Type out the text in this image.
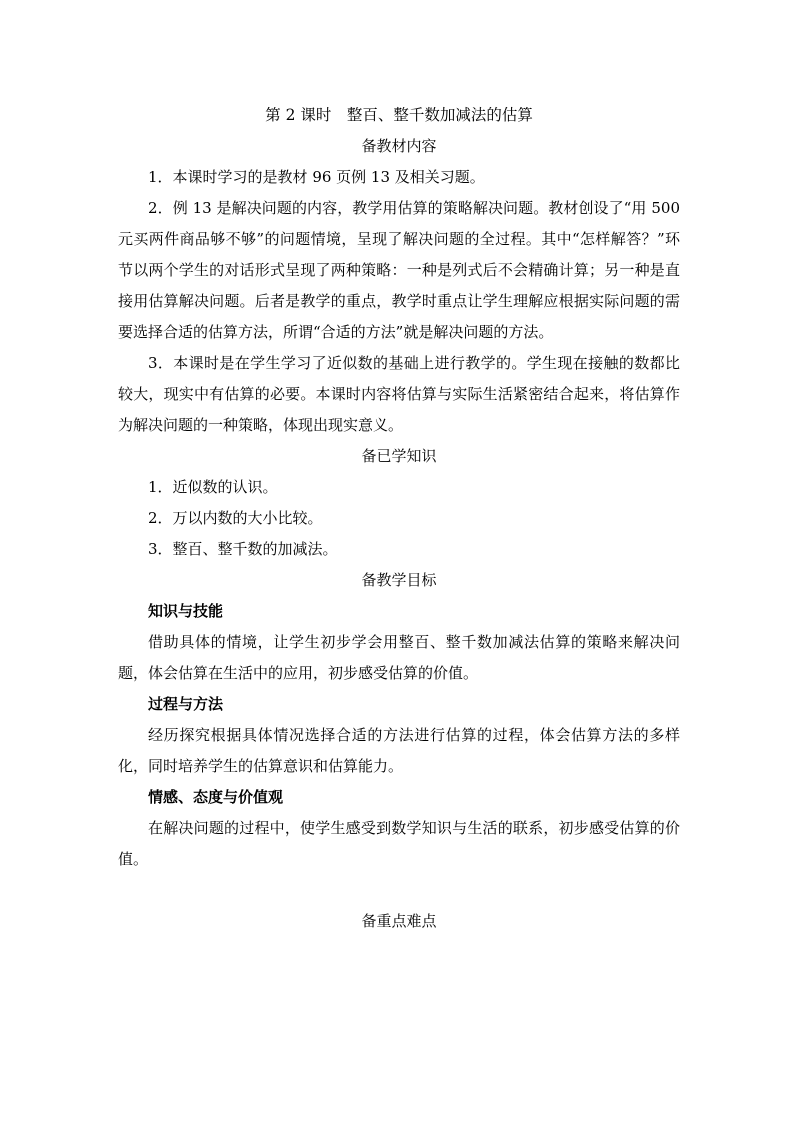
第 2 课时　整百、整千数加减法的估算

备教材内容

1．本课时学习的是教材 96 页例 13 及相关习题。

2．例 13 是解决问题的内容，教学用估算的策略解决问题。教材创设了“用 500 元买两件商品够不够”的问题情境，呈现了解决问题的全过程。其中“怎样解答？”环节以两个学生的对话形式呈现了两种策略：一种是列式后不会精确计算；另一种是直接用估算解决问题。后者是教学的重点，教学时重点让学生理解应根据实际问题的需要选择合适的估算方法，所谓“合适的方法”就是解决问题的方法。

3．本课时是在学生学习了近似数的基础上进行教学的。学生现在接触的数都比较大，现实中有估算的必要。本课时内容将估算与实际生活紧密结合起来，将估算作为解决问题的一种策略，体现出现实意义。

备已学知识

1．近似数的认识。

2．万以内数的大小比较。

3．整百、整千数的加减法。

备教学目标

知识与技能

借助具体的情境，让学生初步学会用整百、整千数加减法估算的策略来解决问题，体会估算在生活中的应用，初步感受估算的价值。

过程与方法

经历探究根据具体情况选择合适的方法进行估算的过程，体会估算方法的多样化，同时培养学生的估算意识和估算能力。

情感、态度与价值观

在解决问题的过程中，使学生感受到数学知识与生活的联系，初步感受估算的价值。

备重点难点
